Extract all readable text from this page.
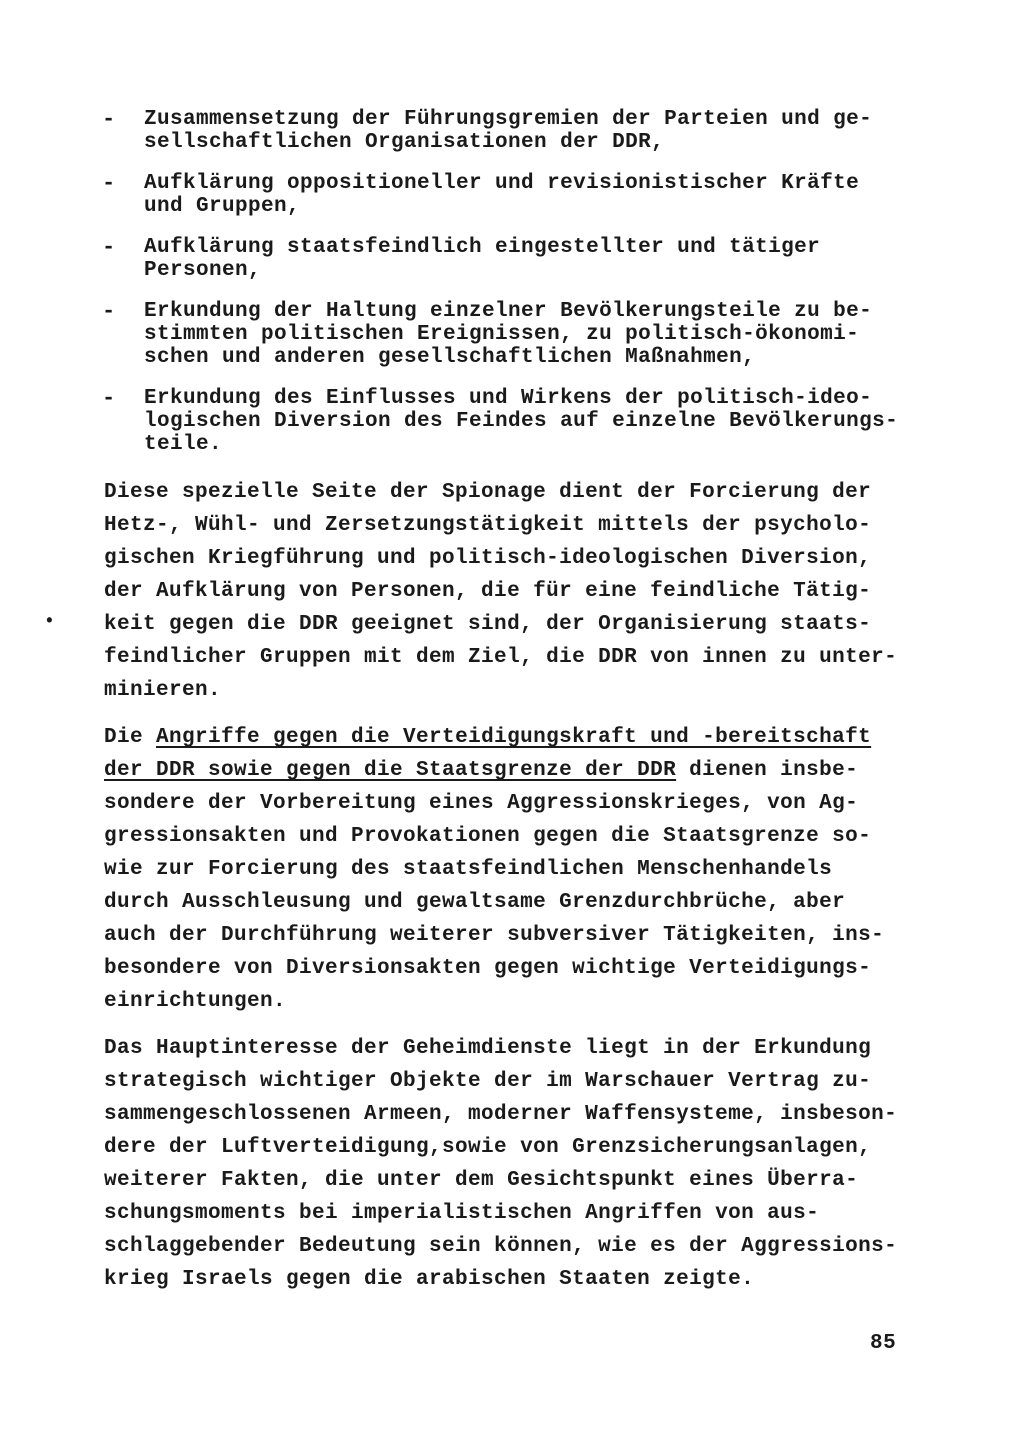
- Zusammensetzung der Führungsgremien der Parteien und ge-
sellschaftlichen Organisationen der DDR,
- Aufklärung oppositioneller und revisionistischer Kräfte
und Gruppen,
- Aufklärung staatsfeindlich eingestellter und tätiger
Personen,
- Erkundung der Haltung einzelner Bevölkerungsteile zu be-
stimmten politischen Ereignissen, zu politisch-ökonomi-
schen und anderen gesellschaftlichen Maßnahmen,
- Erkundung des Einflusses und Wirkens der politisch-ideo-
logischen Diversion des Feindes auf einzelne Bevölkerungs-
teile.
•
Diese spezielle Seite der Spionage dient der Forcierung der
Hetz-, Wühl- und Zersetzungstätigkeit mittels der psycholo-
gischen Kriegführung und politisch-ideologischen Diversion,
der Aufklärung von Personen, die für eine feindliche Tätig-
keit gegen die DDR geeignet sind, der Organisierung staats-
feindlicher Gruppen mit dem Ziel, die DDR von innen zu unter-
minieren.
Die Angriffe gegen die Verteidigungskraft und -bereitschaft
der DDR sowie gegen die Staatsgrenze der DDR dienen insbe-
sondere der Vorbereitung eines Aggressionskrieges, von Ag-
gressionsakten und Provokationen gegen die Staatsgrenze so-
wie zur Forcierung des staatsfeindlichen Menschenhandels
durch Ausschleusung und gewaltsame Grenzdurchbrüche, aber
auch der Durchführung weiterer subversiver Tätigkeiten, ins-
besondere von Diversionsakten gegen wichtige Verteidigungs-
einrichtungen.
Das Hauptinteresse der Geheimdienste liegt in der Erkundung
strategisch wichtiger Objekte der im Warschauer Vertrag zu-
sammengeschlossenen Armeen, moderner Waffensysteme, insbeson-
dere der Luftverteidigung,sowie von Grenzsicherungsanlagen,
weiterer Fakten, die unter dem Gesichtspunkt eines Überra-
schungsmoments bei imperialistischen Angriffen von aus-
schlaggebender Bedeutung sein können, wie es der Aggressions-
krieg Israels gegen die arabischen Staaten zeigte.
85
